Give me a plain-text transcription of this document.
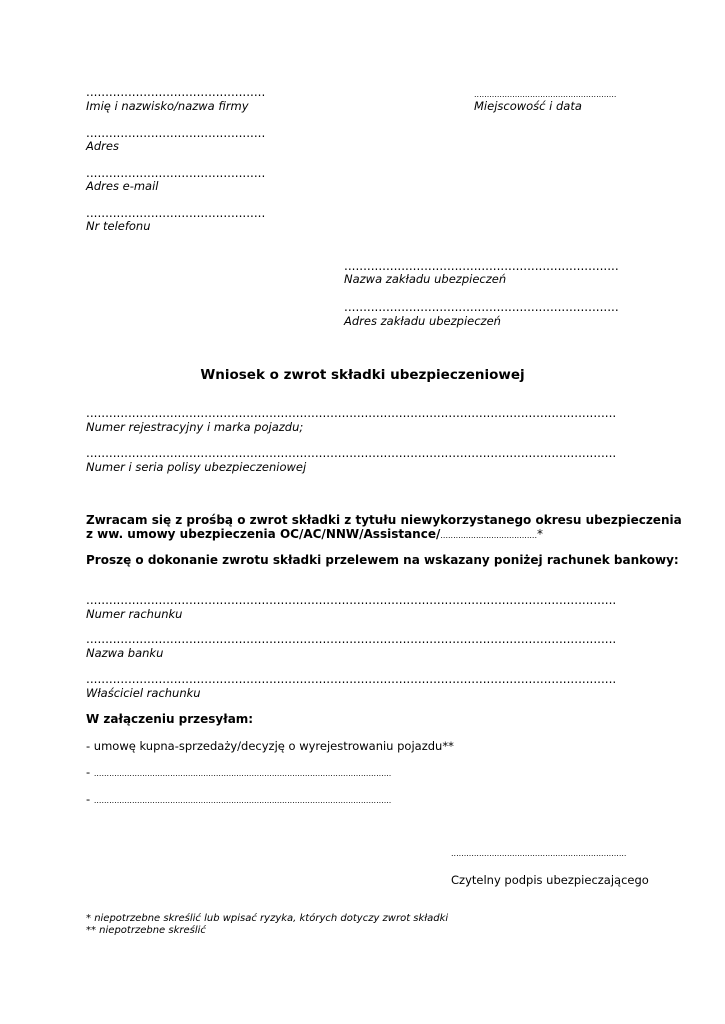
...............................................
Imię i nazwisko/nazwa firmy
...............................................
Adres
...............................................
Adres e-mail
...............................................
Nr telefonu
........................................................
Miejscowość i data
........................................................................
Nazwa zakładu ubezpieczeń
........................................................................
Adres zakładu ubezpieczeń
Wniosek o zwrot składki ubezpieczeniowej
...........................................................................................................................................
Numer rejestracyjny i marka pojazdu;
...........................................................................................................................................
Numer i seria polisy ubezpieczeniowej
Zwracam się z prośbą o zwrot składki z tytułu niewykorzystanego okresu ubezpieczenia
z ww. umowy ubezpieczenia OC/AC/NNW/Assistance/......................................*
Proszę o dokonanie zwrotu składki przelewem na wskazany poniżej rachunek bankowy:
...........................................................................................................................................
Numer rachunku
...........................................................................................................................................
Nazwa banku
...........................................................................................................................................
Właściciel rachunku
W załączeniu przesyłam:
- umowę kupna-sprzedaży/decyzję o wyrejestrowaniu pojazdu**
- .....................................................................................................................
- .....................................................................................................................
.....................................................................
Czytelny podpis ubezpieczającego
* niepotrzebne skreślić lub wpisać ryzyka, których dotyczy zwrot składki
** niepotrzebne skreślić
